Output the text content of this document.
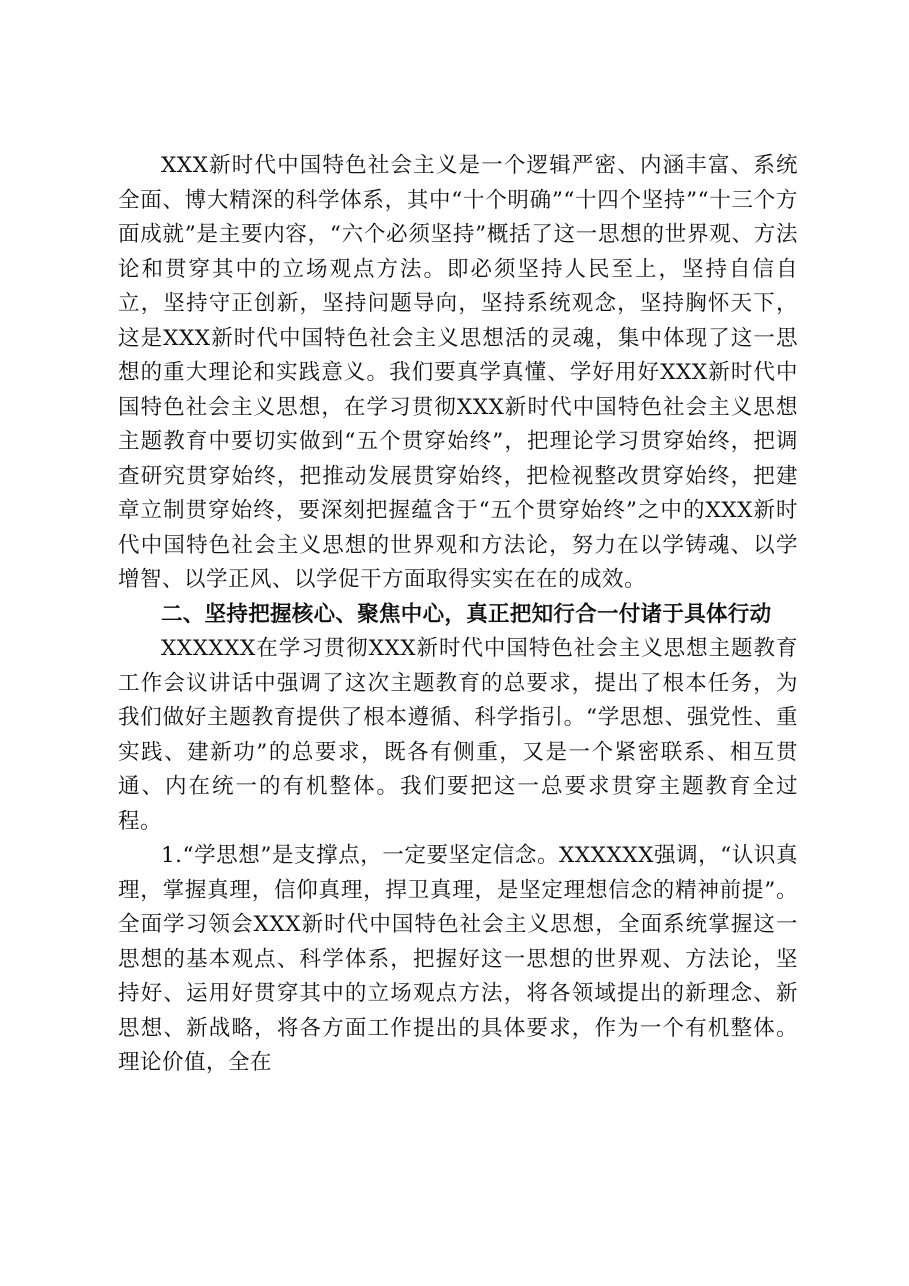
XXX新时代中国特色社会主义是一个逻辑严密、内涵丰富、系统全面、博大精深的科学体系，其中“十个明确”“十四个坚持”“十三个方面成就”是主要内容，“六个必须坚持”概括了这一思想的世界观、方法论和贯穿其中的立场观点方法。即必须坚持人民至上，坚持自信自立，坚持守正创新，坚持问题导向，坚持系统观念，坚持胸怀天下，这是XXX新时代中国特色社会主义思想活的灵魂，集中体现了这一思想的重大理论和实践意义。我们要真学真懂、学好用好XXX新时代中国特色社会主义思想，在学习贯彻XXX新时代中国特色社会主义思想主题教育中要切实做到“五个贯穿始终”，把理论学习贯穿始终，把调查研究贯穿始终，把推动发展贯穿始终，把检视整改贯穿始终，把建章立制贯穿始终，要深刻把握蕴含于“五个贯穿始终”之中的XXX新时代中国特色社会主义思想的世界观和方法论，努力在以学铸魂、以学增智、以学正风、以学促干方面取得实实在在的成效。

二、坚持把握核心、聚焦中心，真正把知行合一付诸于具体行动

XXXXXX在学习贯彻XXX新时代中国特色社会主义思想主题教育工作会议讲话中强调了这次主题教育的总要求，提出了根本任务，为我们做好主题教育提供了根本遵循、科学指引。“学思想、强党性、重实践、建新功”的总要求，既各有侧重，又是一个紧密联系、相互贯通、内在统一的有机整体。我们要把这一总要求贯穿主题教育全过程。

1.“学思想”是支撑点，一定要坚定信念。XXXXXX强调，“认识真理，掌握真理，信仰真理，捍卫真理，是坚定理想信念的精神前提”。全面学习领会XXX新时代中国特色社会主义思想，全面系统掌握这一思想的基本观点、科学体系，把握好这一思想的世界观、方法论，坚持好、运用好贯穿其中的立场观点方法，将各领域提出的新理念、新思想、新战略，将各方面工作提出的具体要求，作为一个有机整体。理论价值，全在
